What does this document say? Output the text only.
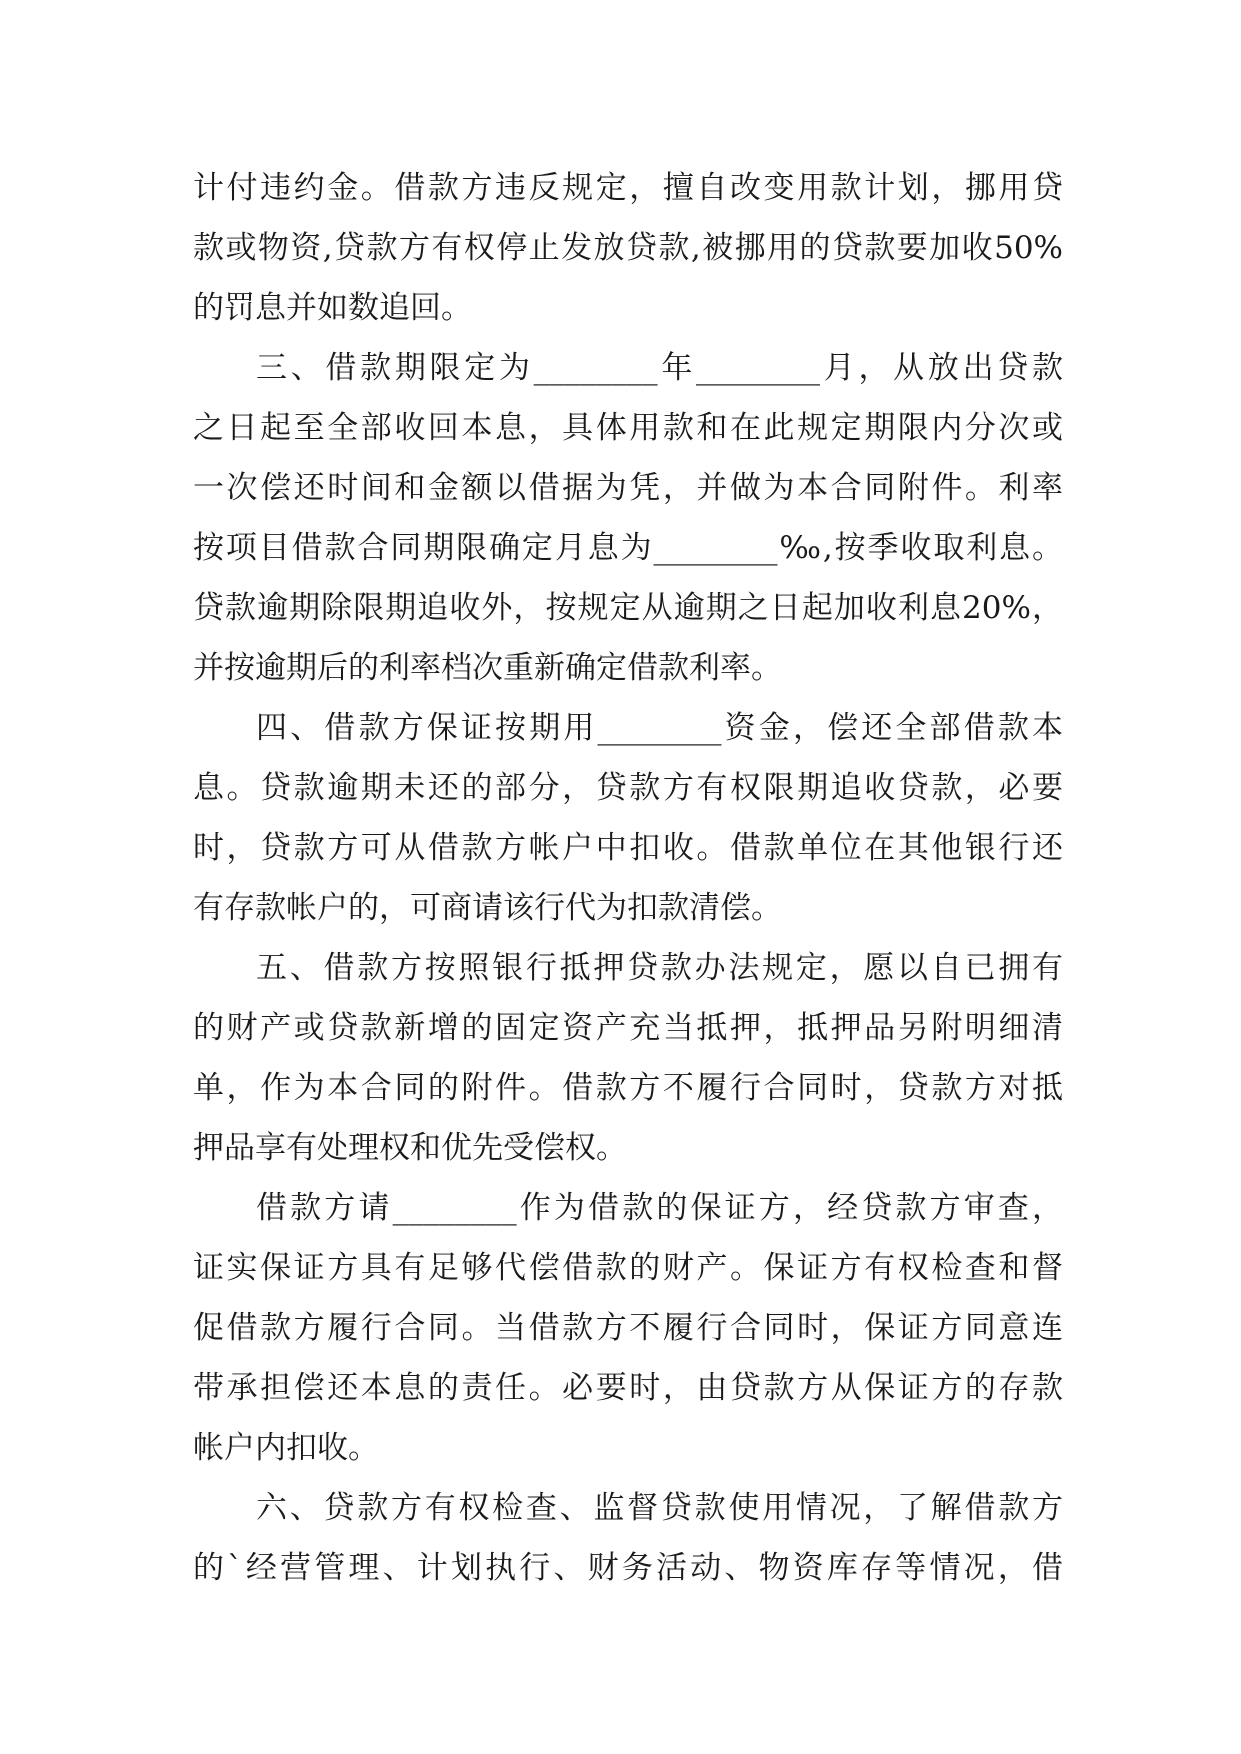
计付违约金。借款方违反规定，擅自改变用款计划，挪用贷
款或物资,贷款方有权停止发放贷款,被挪用的贷款要加收50%
的罚息并如数追回。
三、借款期限定为________年________月，从放出贷款
之日起至全部收回本息，具体用款和在此规定期限内分次或
一次偿还时间和金额以借据为凭，并做为本合同附件。利率
按项目借款合同期限确定月息为________‰,按季收取利息。
贷款逾期除限期追收外，按规定从逾期之日起加收利息20%，
并按逾期后的利率档次重新确定借款利率。
四、借款方保证按期用________资金，偿还全部借款本
息。贷款逾期未还的部分，贷款方有权限期追收贷款，必要
时，贷款方可从借款方帐户中扣收。借款单位在其他银行还
有存款帐户的，可商请该行代为扣款清偿。
五、借款方按照银行抵押贷款办法规定，愿以自已拥有
的财产或贷款新增的固定资产充当抵押，抵押品另附明细清
单，作为本合同的附件。借款方不履行合同时，贷款方对抵
押品享有处理权和优先受偿权。
借款方请________作为借款的保证方，经贷款方审查，
证实保证方具有足够代偿借款的财产。保证方有权检查和督
促借款方履行合同。当借款方不履行合同时，保证方同意连
带承担偿还本息的责任。必要时，由贷款方从保证方的存款
帐户内扣收。
六、贷款方有权检查、监督贷款使用情况，了解借款方
的`经营管理、计划执行、财务活动、物资库存等情况，借
